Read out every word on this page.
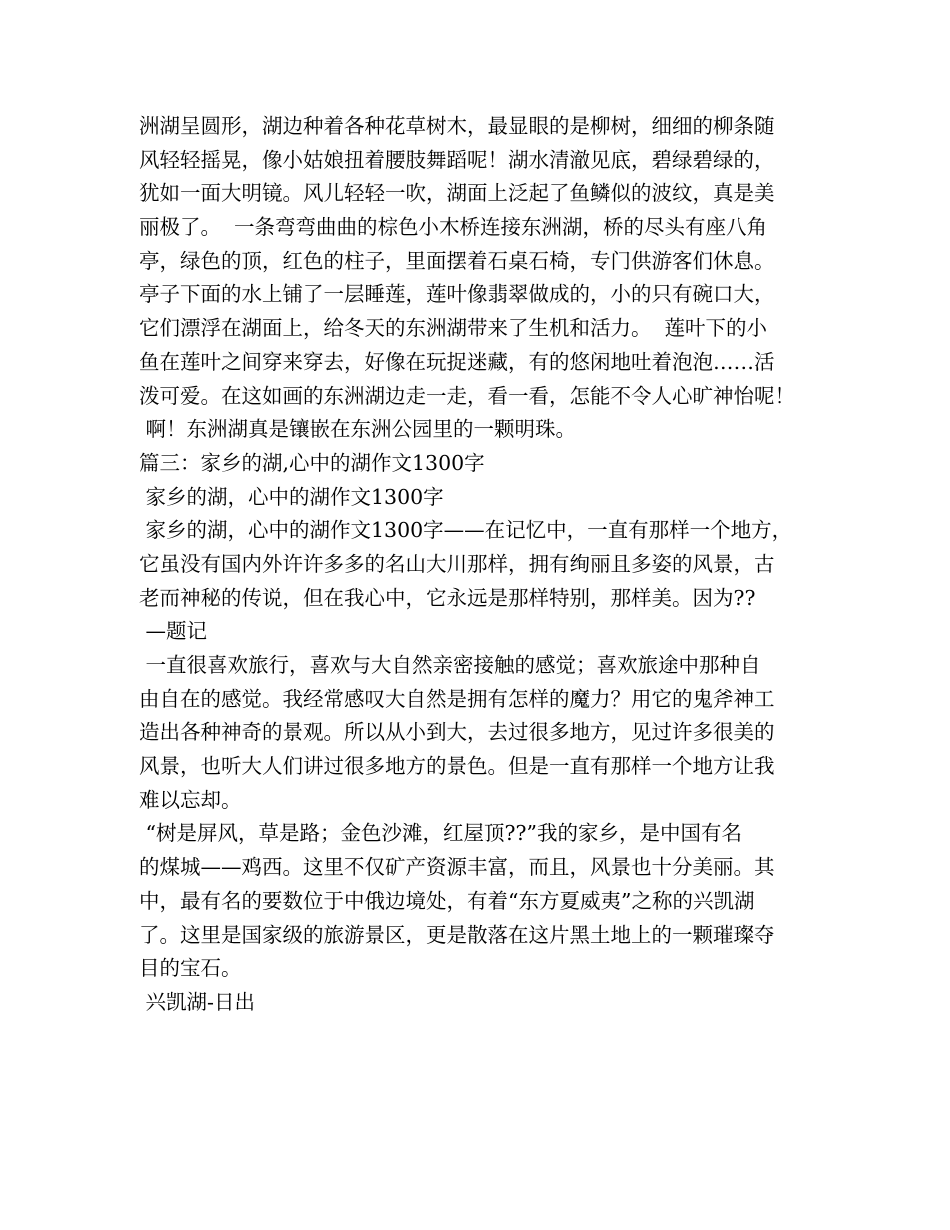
洲湖呈圆形，湖边种着各种花草树木，最显眼的是柳树，细细的柳条随
风轻轻摇晃，像小姑娘扭着腰肢舞蹈呢！湖水清澈见底，碧绿碧绿的，
犹如一面大明镜。风儿轻轻一吹，湖面上泛起了鱼鳞似的波纹，真是美
丽极了。  一条弯弯曲曲的棕色小木桥连接东洲湖，桥的尽头有座八角
亭，绿色的顶，红色的柱子，里面摆着石桌石椅，专门供游客们休息。
亭子下面的水上铺了一层睡莲，莲叶像翡翠做成的，小的只有碗口大，
它们漂浮在湖面上，给冬天的东洲湖带来了生机和活力。  莲叶下的小
鱼在莲叶之间穿来穿去，好像在玩捉迷藏，有的悠闲地吐着泡泡……活
泼可爱。在这如画的东洲湖边走一走，看一看，怎能不令人心旷神怡呢！
啊！东洲湖真是镶嵌在东洲公园里的一颗明珠。
篇三：家乡的湖,心中的湖作文1300字
家乡的湖，心中的湖作文1300字
家乡的湖，心中的湖作文1300字——在记忆中，一直有那样一个地方，
它虽没有国内外许许多多的名山大川那样，拥有绚丽且多姿的风景，古
老而神秘的传说，但在我心中，它永远是那样特别，那样美。因为??
—题记
一直很喜欢旅行，喜欢与大自然亲密接触的感觉；喜欢旅途中那种自
由自在的感觉。我经常感叹大自然是拥有怎样的魔力？用它的鬼斧神工
造出各种神奇的景观。所以从小到大，去过很多地方，见过许多很美的
风景，也听大人们讲过很多地方的景色。但是一直有那样一个地方让我
难以忘却。
“树是屏风，草是路；金色沙滩，红屋顶??”我的家乡，是中国有名
的煤城——鸡西。这里不仅矿产资源丰富，而且，风景也十分美丽。其
中，最有名的要数位于中俄边境处，有着“东方夏威夷”之称的兴凯湖
了。这里是国家级的旅游景区，更是散落在这片黑土地上的一颗璀璨夺
目的宝石。
兴凯湖-日出
